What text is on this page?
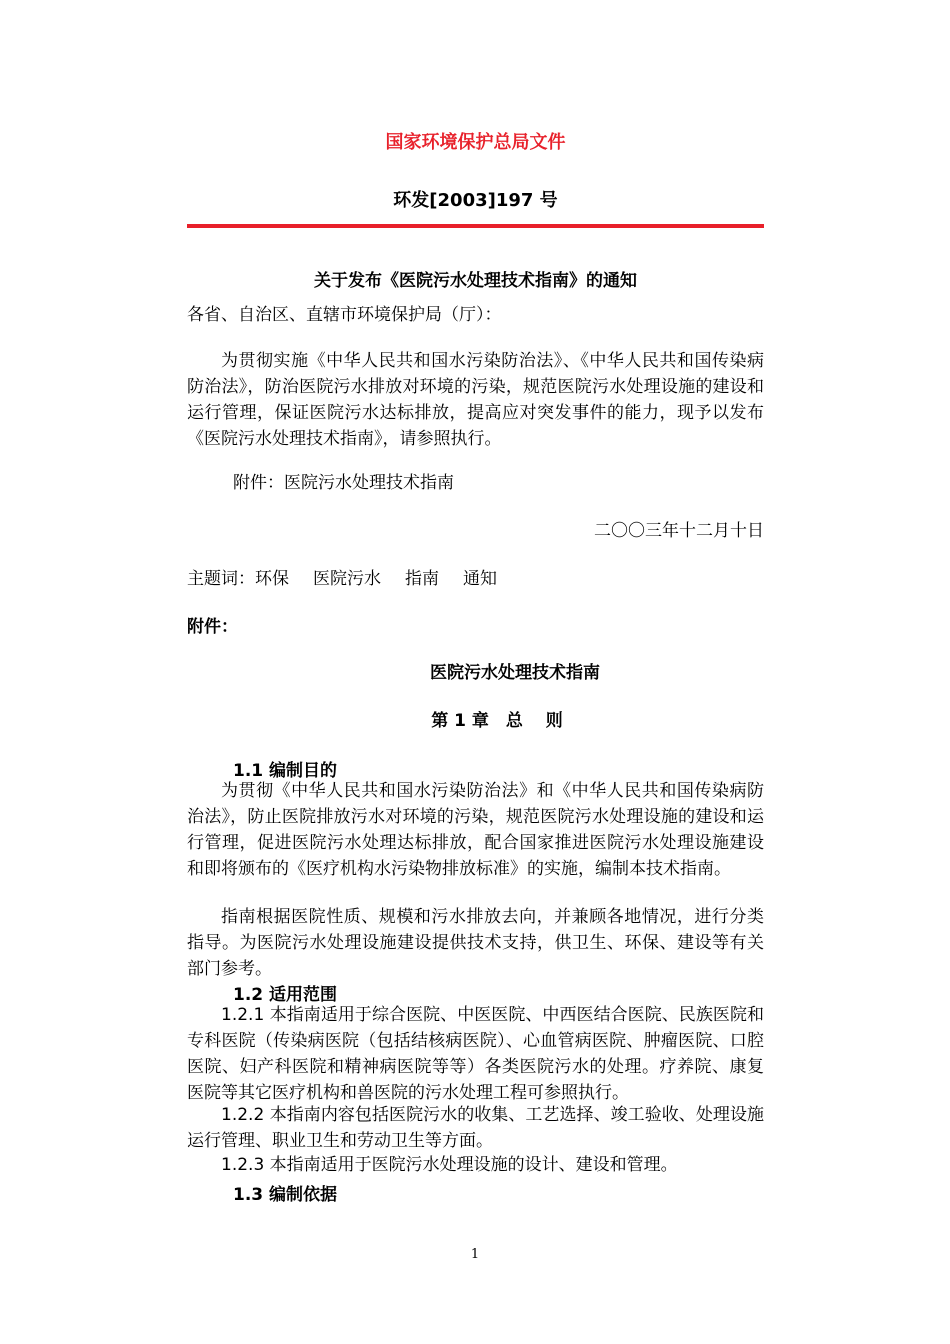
国家环境保护总局文件
环发[2003]197 号
关于发布《医院污水处理技术指南》的通知
各省、自治区、直辖市环境保护局（厅）：
为贯彻实施《中华人民共和国水污染防治法》、《中华人民共和国传染病防治法》，防治医院污水排放对环境的污染，规范医院污水处理设施的建设和运行管理，保证医院污水达标排放，提高应对突发事件的能力，现予以发布《医院污水处理技术指南》，请参照执行。
附件：医院污水处理技术指南
二〇〇三年十二月十日
主题词：环保 医院污水 指南 通知
附件：
医院污水处理技术指南
第 1 章　总　 则
1.1 编制目的
为贯彻《中华人民共和国水污染防治法》和《中华人民共和国传染病防治法》，防止医院排放污水对环境的污染，规范医院污水处理设施的建设和运行管理，促进医院污水处理达标排放，配合国家推进医院污水处理设施建设和即将颁布的《医疗机构水污染物排放标准》的实施，编制本技术指南。
指南根据医院性质、规模和污水排放去向，并兼顾各地情况，进行分类指导。为医院污水处理设施建设提供技术支持，供卫生、环保、建设等有关部门参考。
1.2 适用范围
1.2.1 本指南适用于综合医院、中医医院、中西医结合医院、民族医院和专科医院（传染病医院（包括结核病医院）、心血管病医院、肿瘤医院、口腔医院、妇产科医院和精神病医院等等）各类医院污水的处理。疗养院、康复医院等其它医疗机构和兽医院的污水处理工程可参照执行。
1.2.2 本指南内容包括医院污水的收集、工艺选择、竣工验收、处理设施运行管理、职业卫生和劳动卫生等方面。
1.2.3 本指南适用于医院污水处理设施的设计、建设和管理。
1.3 编制依据
1
